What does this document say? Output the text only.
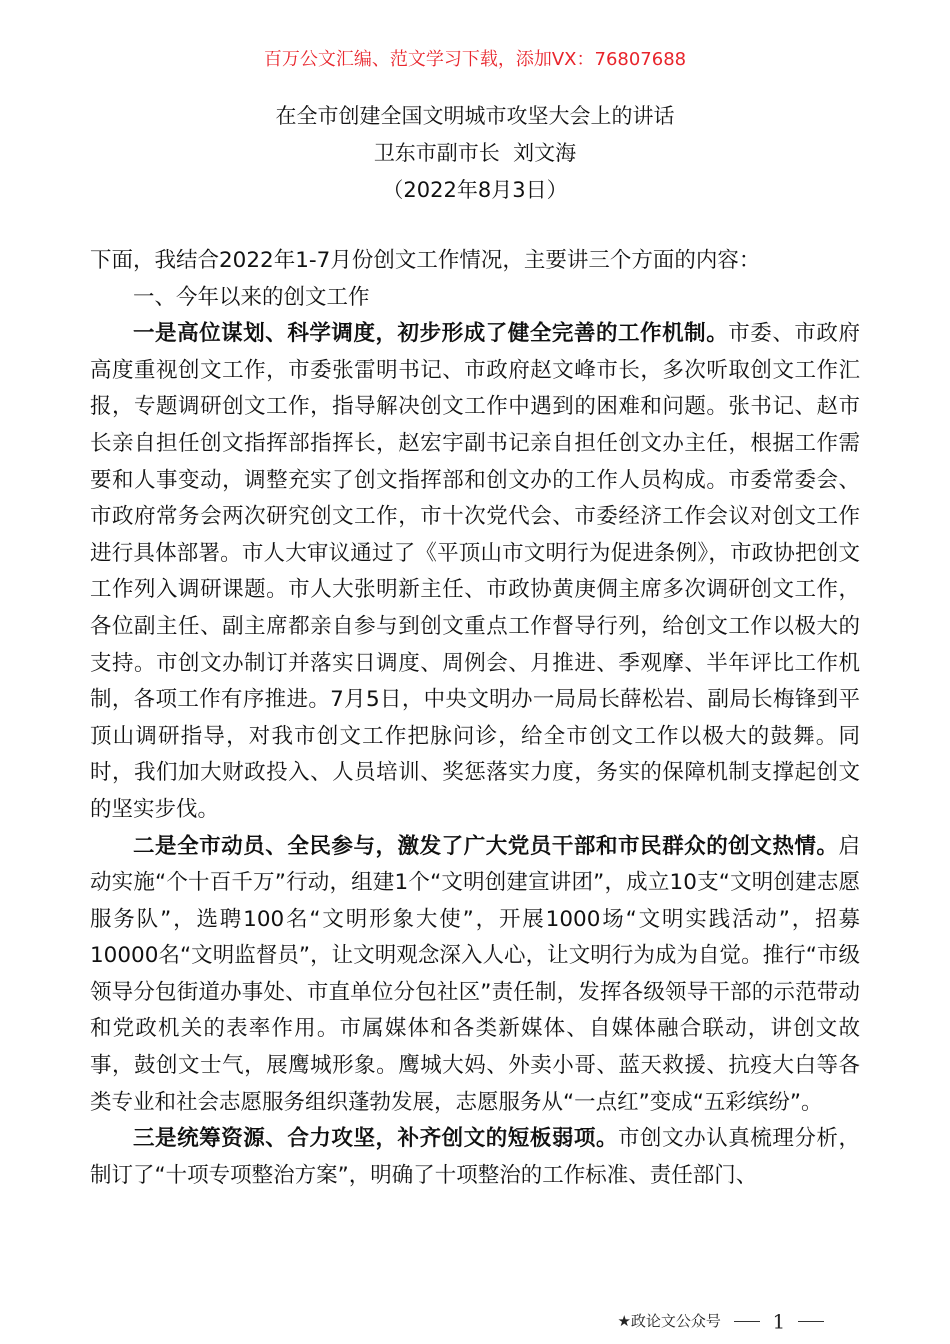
百万公文汇编、范文学习下载，添加VX：76807688
在全市创建全国文明城市攻坚大会上的讲话
卫东市副市长  刘文海
（2022年8月3日）

下面，我结合2022年1-7月份创文工作情况，主要讲三个方面的内容：

一、今年以来的创文工作

一是高位谋划、科学调度，初步形成了健全完善的工作机制。市委、市政府高度重视创文工作，市委张雷明书记、市政府赵文峰市长，多次听取创文工作汇报，专题调研创文工作，指导解决创文工作中遇到的困难和问题。张书记、赵市长亲自担任创文指挥部指挥长，赵宏宇副书记亲自担任创文办主任，根据工作需要和人事变动，调整充实了创文指挥部和创文办的工作人员构成。市委常委会、市政府常务会两次研究创文工作，市十次党代会、市委经济工作会议对创文工作进行具体部署。市人大审议通过了《平顶山市文明行为促进条例》，市政协把创文工作列入调研课题。市人大张明新主任、市政协黄庚倜主席多次调研创文工作，各位副主任、副主席都亲自参与到创文重点工作督导行列，给创文工作以极大的支持。市创文办制订并落实日调度、周例会、月推进、季观摩、半年评比工作机制，各项工作有序推进。7月5日，中央文明办一局局长薛松岩、副局长梅锋到平顶山调研指导，对我市创文工作把脉问诊，给全市创文工作以极大的鼓舞。同时，我们加大财政投入、人员培训、奖惩落实力度，务实的保障机制支撑起创文的坚实步伐。

二是全市动员、全民参与，激发了广大党员干部和市民群众的创文热情。启动实施“个十百千万”行动，组建1个“文明创建宣讲团”，成立10支“文明创建志愿服务队”，选聘100名“文明形象大使”，开展1000场“文明实践活动”，招募10000名“文明监督员”，让文明观念深入人心，让文明行为成为自觉。推行“市级领导分包街道办事处、市直单位分包社区”责任制，发挥各级领导干部的示范带动和党政机关的表率作用。市属媒体和各类新媒体、自媒体融合联动，讲创文故事，鼓创文士气，展鹰城形象。鹰城大妈、外卖小哥、蓝天救援、抗疫大白等各类专业和社会志愿服务组织蓬勃发展，志愿服务从“一点红”变成“五彩缤纷”。

三是统筹资源、合力攻坚，补齐创文的短板弱项。市创文办认真梳理分析，制订了“十项专项整治方案”，明确了十项整治的工作标准、责任部门、

★政论文公众号	1
